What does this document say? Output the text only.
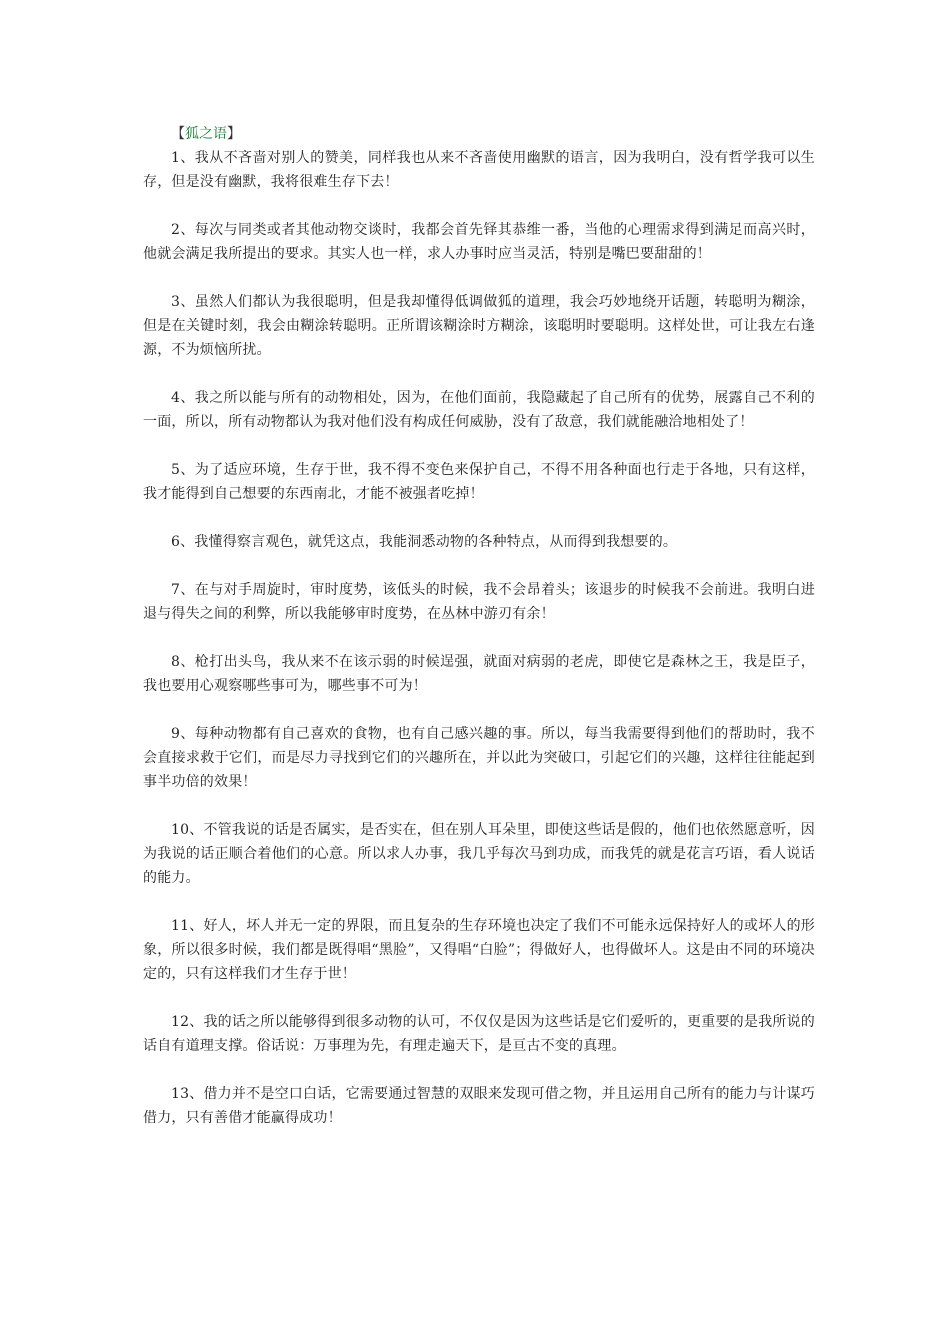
【狐之语】

1、我从不吝啬对别人的赞美，同样我也从来不吝啬使用幽默的语言，因为我明白，没有哲学我可以生存，但是没有幽默，我将很难生存下去！

2、每次与同类或者其他动物交谈时，我都会首先铎其恭维一番，当他的心理需求得到满足而高兴时，他就会满足我所提出的要求。其实人也一样，求人办事时应当灵活，特别是嘴巴要甜甜的！

3、虽然人们都认为我很聪明，但是我却懂得低调做狐的道理，我会巧妙地绕开话题，转聪明为糊涂，但是在关键时刻，我会由糊涂转聪明。正所谓该糊涂时方糊涂，该聪明时要聪明。这样处世，可让我左右逢源，不为烦恼所扰。

4、我之所以能与所有的动物相处，因为，在他们面前，我隐藏起了自己所有的优势，展露自己不利的一面，所以，所有动物都认为我对他们没有构成任何威胁，没有了敌意，我们就能融洽地相处了！

5、为了适应环境，生存于世，我不得不变色来保护自己，不得不用各种面也行走于各地，只有这样，我才能得到自己想要的东西南北，才能不被强者吃掉！

6、我懂得察言观色，就凭这点，我能洞悉动物的各种特点，从而得到我想要的。

7、在与对手周旋时，审时度势，该低头的时候，我不会昂着头；该退步的时候我不会前进。我明白进退与得失之间的利弊，所以我能够审时度势，在丛林中游刃有余！

8、枪打出头鸟，我从来不在该示弱的时候逞强，就面对病弱的老虎，即使它是森林之王，我是臣子，我也要用心观察哪些事可为，哪些事不可为！

9、每种动物都有自己喜欢的食物，也有自己感兴趣的事。所以，每当我需要得到他们的帮助时，我不会直接求救于它们，而是尽力寻找到它们的兴趣所在，并以此为突破口，引起它们的兴趣，这样往往能起到事半功倍的效果！

10、不管我说的话是否属实，是否实在，但在别人耳朵里，即使这些话是假的，他们也依然愿意听，因为我说的话正顺合着他们的心意。所以求人办事，我几乎每次马到功成，而我凭的就是花言巧语，看人说话的能力。

11、好人，坏人并无一定的界限，而且复杂的生存环境也决定了我们不可能永远保持好人的或坏人的形象，所以很多时候，我们都是既得唱“黑脸”，又得唱“白脸”；得做好人，也得做坏人。这是由不同的环境决定的，只有这样我们才生存于世！

12、我的话之所以能够得到很多动物的认可，不仅仅是因为这些话是它们爱听的，更重要的是我所说的话自有道理支撑。俗话说：万事理为先，有理走遍天下，是亘古不变的真理。

13、借力并不是空口白话，它需要通过智慧的双眼来发现可借之物，并且运用自己所有的能力与计谋巧借力，只有善借才能赢得成功！
